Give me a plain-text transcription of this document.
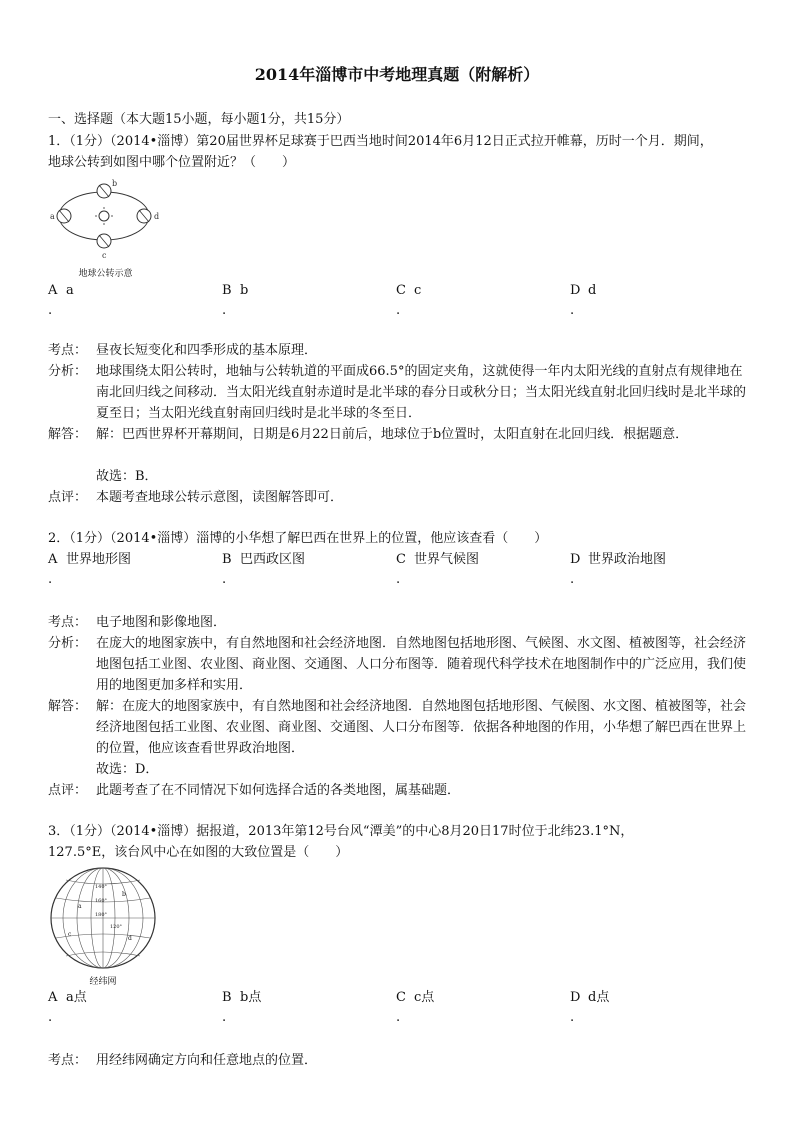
2014年淄博市中考地理真题（附解析）
一、选择题（本大题15小题，每小题1分，共15分）
1．（1分）（2014•淄博）第20届世界杯足球赛于巴西当地时间2014年6月12日正式拉开帷幕，历时一个月．期间，
地球公转到如图中哪个位置附近？（　　）
a
b
c
d
地球公转示意
A a
.
B b
.
C c
.
D d
.
考点： 昼夜长短变化和四季形成的基本原理．
分析： 地球围绕太阳公转时，地轴与公转轨道的平面成66.5°的固定夹角，这就使得一年内太阳光线的直射点有规律地在南北回归线之间移动．当太阳光线直射赤道时是北半球的春分日或秋分日；当太阳光线直射北回归线时是北半球的夏至日；当太阳光线直射南回归线时是北半球的冬至日．
解答： 解：巴西世界杯开幕期间，日期是6月22日前后，地球位于b位置时，太阳直射在北回归线．根据题意．
故选：B．
点评： 本题考查地球公转示意图，读图解答即可．
2．（1分）（2014•淄博）淄博的小华想了解巴西在世界上的位置，他应该查看（　　）
A 世界地形图
.
B 巴西政区图
.
C 世界气候图
.
D 世界政治地图
.
考点： 电子地图和影像地图．
分析： 在庞大的地图家族中，有自然地图和社会经济地图．自然地图包括地形图、气候图、水文图、植被图等，社会经济地图包括工业图、农业图、商业图、交通图、人口分布图等．随着现代科学技术在地图制作中的广泛应用，我们使用的地图更加多样和实用．
解答： 解：在庞大的地图家族中，有自然地图和社会经济地图．自然地图包括地形图、气候图、水文图、植被图等，社会经济地图包括工业图、农业图、商业图、交通图、人口分布图等．依据各种地图的作用，小华想了解巴西在世界上的位置，他应该查看世界政治地图．
故选：D．
点评： 此题考查了在不同情况下如何选择合适的各类地图，属基础题．
3．（1分）（2014•淄博）据报道，2013年第12号台风“潭美”的中心8月20日17时位于北纬23.1°N，
127.5°E，该台风中心在如图的大致位置是（　　）
a
b
c
d
180°
160°
140°
120°
经纬网
A a点
.
B b点
.
C c点
.
D d点
.
考点： 用经纬网确定方向和任意地点的位置．
